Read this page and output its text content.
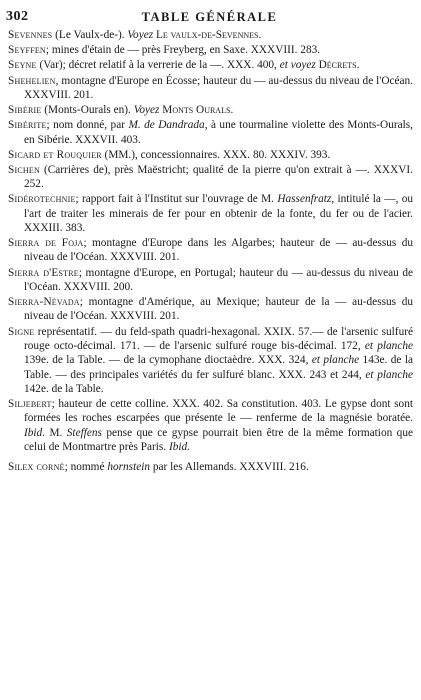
302	TABLE GÉNÉRALE

Sevennes (Le Vaulx-de-). Voyez Le vaulx-de-Sevennes.

Seyffen; mines d'étain de — près Freyberg, en Saxe. XXXVIII. 283.

Seyne (Var); décret relatif à la verrerie de la —. XXX. 400, et voyez Décrets.

Shehelien, montagne d'Europe en Écosse; hauteur du — au-dessus du niveau de l'Océan. XXXVIII. 201.

Sibérie (Monts-Ourals en). Voyez Monts Ourals.

Sibérite; nom donné, par M. de Dandrada, à une tourmaline violette des Monts-Ourals, en Sibérie. XXXVII. 403.

Sicard et Rouquier (MM.), concessionnaires. XXX. 80. XXXIV. 393.

Sichen (Carrières de), près Maëstricht; qualité de la pierre qu'on extrait à —. XXXVI. 252.

Sidérotechnie; rapport fait à l'Institut sur l'ouvrage de M. Hassenfratz, intitulé la —, ou l'art de traiter les minerais de fer pour en obtenir de la fonte, du fer ou de l'acier. XXXIII. 383.

Sierra de Foja; montagne d'Europe dans les Algarbes; hauteur de — au-dessus du niveau de l'Océan. XXXVIII. 201.

Sierra d'Estre; montagne d'Europe, en Portugal; hauteur du — au-dessus du niveau de l'Océan. XXXVIII. 200.

Sierra-Névada; montagne d'Amérique, au Mexique; hauteur de la — au-dessus du niveau de l'Océan. XXXVIII. 201.

Signe représentatif. — du feld-spath quadri-hexagonal. XXIX. 57.— de l'arsenic sulfuré rouge octo-décimal. 171. — de l'arsenic sulfuré rouge bis-décimal. 172, et planche 139e. de la Table. — de la cymophane dioctaèdre. XXX. 324, et planche 143e. de la Table. — des principales variétés du fer sulfuré blanc. XXX. 243 et 244, et planche 142e. de la Table.

Siljebert; hauteur de cette colline. XXX. 402. Sa constitution. 403. Le gypse dont sont formées les roches escarpées que présente le — renferme de la magnésie boratée. Ibid. M. Steffens pense que ce gypse pourrait bien être de la même formation que celui de Montmartre près Paris. Ibid.

Silex corné; nommé hornstein par les Allemands. XXXVIII. 216.
